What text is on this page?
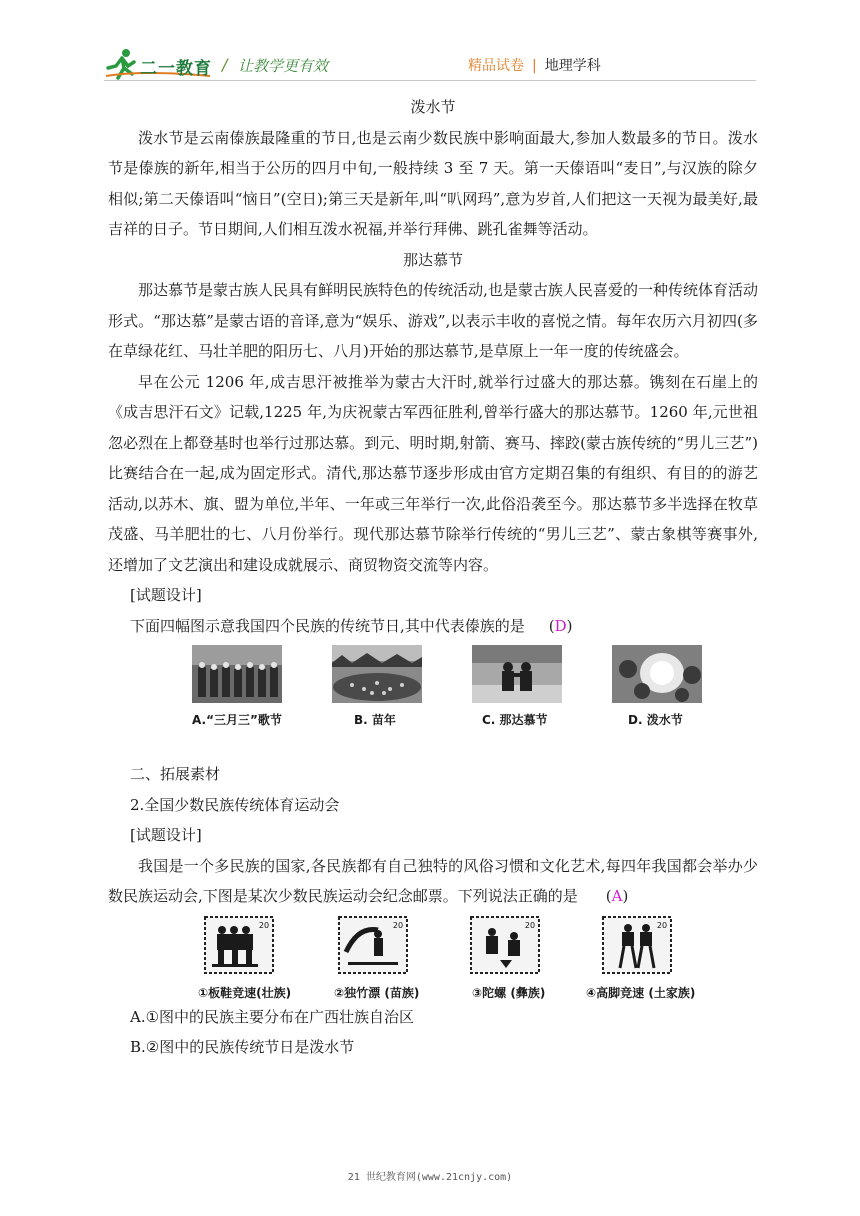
二一教育 / 让教学更有效	精品试卷 | 地理学科

泼水节

泼水节是云南傣族最隆重的节日,也是云南少数民族中影响面最大,参加人数最多的节日。泼水节是傣族的新年,相当于公历的四月中旬,一般持续 3 至 7 天。第一天傣语叫“麦日”,与汉族的除夕相似;第二天傣语叫“恼日”(空日);第三天是新年,叫“叭网玛”,意为岁首,人们把这一天视为最美好,最吉祥的日子。节日期间,人们相互泼水祝福,并举行拜佛、跳孔雀舞等活动。

那达慕节

那达慕节是蒙古族人民具有鲜明民族特色的传统活动,也是蒙古族人民喜爱的一种传统体育活动形式。“那达慕”是蒙古语的音译,意为“娱乐、游戏”,以表示丰收的喜悦之情。每年农历六月初四(多在草绿花红、马壮羊肥的阳历七、八月)开始的那达慕节,是草原上一年一度的传统盛会。

早在公元 1206 年,成吉思汗被推举为蒙古大汗时,就举行过盛大的那达慕。镌刻在石崖上的《成吉思汗石文》记载,1225 年,为庆祝蒙古军西征胜利,曾举行盛大的那达慕节。1260 年,元世祖忽必烈在上都登基时也举行过那达慕。到元、明时期,射箭、赛马、摔跤(蒙古族传统的“男儿三艺”)比赛结合在一起,成为固定形式。清代,那达慕节逐步形成由官方定期召集的有组织、有目的的游艺活动,以苏木、旗、盟为单位,半年、一年或三年举行一次,此俗沿袭至今。那达慕节多半选择在牧草茂盛、马羊肥壮的七、八月份举行。现代那达慕节除举行传统的“男儿三艺”、蒙古象棋等赛事外,还增加了文艺演出和建设成就展示、商贸物资交流等内容。

[试题设计]

下面四幅图示意我国四个民族的传统节日,其中代表傣族的是 (D)

A.“三月三”歌节	B. 苗年	C. 那达慕节	D. 泼水节

二、拓展素材

2.全国少数民族传统体育运动会

[试题设计]

我国是一个多民族的国家,各民族都有自己独特的风俗习惯和文化艺术,每四年我国都会举办少数民族运动会,下图是某次少数民族运动会纪念邮票。下列说法正确的是 (A)

20
①板鞋竞速(壮族)
20
②独竹漂 (苗族)
20
③陀螺 (彝族)
20
④高脚竞速 (土家族)

A.①图中的民族主要分布在广西壮族自治区

B.②图中的民族传统节日是泼水节

21 世纪教育网(www.21cnjy.com)
